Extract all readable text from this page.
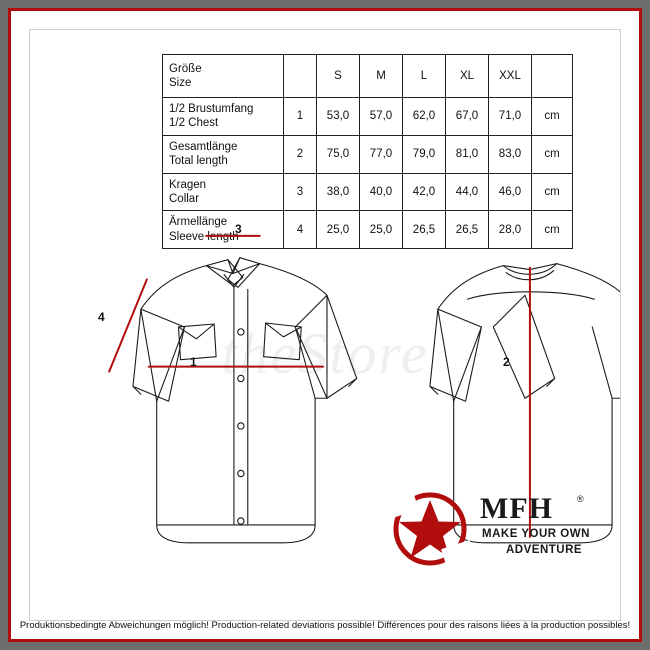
theStore
Größe
Size		S	M	L	XL	XXL	

1/2 Brustumfang
1/2 Chest	1	53,0	57,0	62,0	67,0	71,0	cm

Gesamtlänge
Total length	2	75,0	77,0	79,0	81,0	83,0	cm

Kragen
Collar	3	38,0	40,0	42,0	44,0	46,0	cm

Ärmellänge
Sleeve length	4	25,0	25,0	26,5	26,5	28,0	cm
1
3
4
2
MFH	®
MAKE YOUR OWN
ADVENTURE
Produktionsbedingte Abweichungen möglich! Production-related deviations possible! Différences pour des raisons liées à la production possibles!
